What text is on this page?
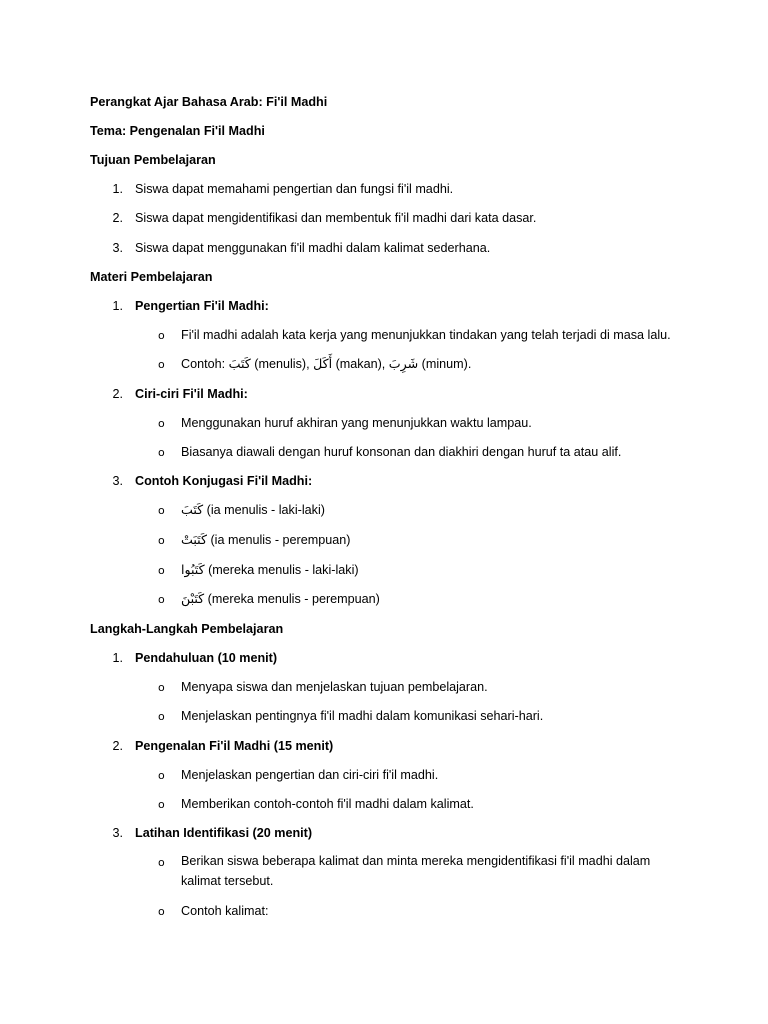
Perangkat Ajar Bahasa Arab: Fi'il Madhi
Tema: Pengenalan Fi'il Madhi
Tujuan Pembelajaran
1. Siswa dapat memahami pengertian dan fungsi fi'il madhi.
2. Siswa dapat mengidentifikasi dan membentuk fi'il madhi dari kata dasar.
3. Siswa dapat menggunakan fi'il madhi dalam kalimat sederhana.
Materi Pembelajaran
1. Pengertian Fi'il Madhi:
o Fi'il madhi adalah kata kerja yang menunjukkan tindakan yang telah terjadi di masa lalu.
o Contoh: كَتَبَ (menulis), أَكَلَ (makan), شَرِبَ (minum).
2. Ciri-ciri Fi'il Madhi:
o Menggunakan huruf akhiran yang menunjukkan waktu lampau.
o Biasanya diawali dengan huruf konsonan dan diakhiri dengan huruf ta atau alif.
3. Contoh Konjugasi Fi'il Madhi:
o كَتَبَ (ia menulis - laki-laki)
o كَتَبَتْ (ia menulis - perempuan)
o كَتَبُوا (mereka menulis - laki-laki)
o كَتَبْنَ (mereka menulis - perempuan)
Langkah-Langkah Pembelajaran
1. Pendahuluan (10 menit)
o Menyapa siswa dan menjelaskan tujuan pembelajaran.
o Menjelaskan pentingnya fi'il madhi dalam komunikasi sehari-hari.
2. Pengenalan Fi'il Madhi (15 menit)
o Menjelaskan pengertian dan ciri-ciri fi'il madhi.
o Memberikan contoh-contoh fi'il madhi dalam kalimat.
3. Latihan Identifikasi (20 menit)
o Berikan siswa beberapa kalimat dan minta mereka mengidentifikasi fi'il madhi dalam kalimat tersebut.
o Contoh kalimat:
